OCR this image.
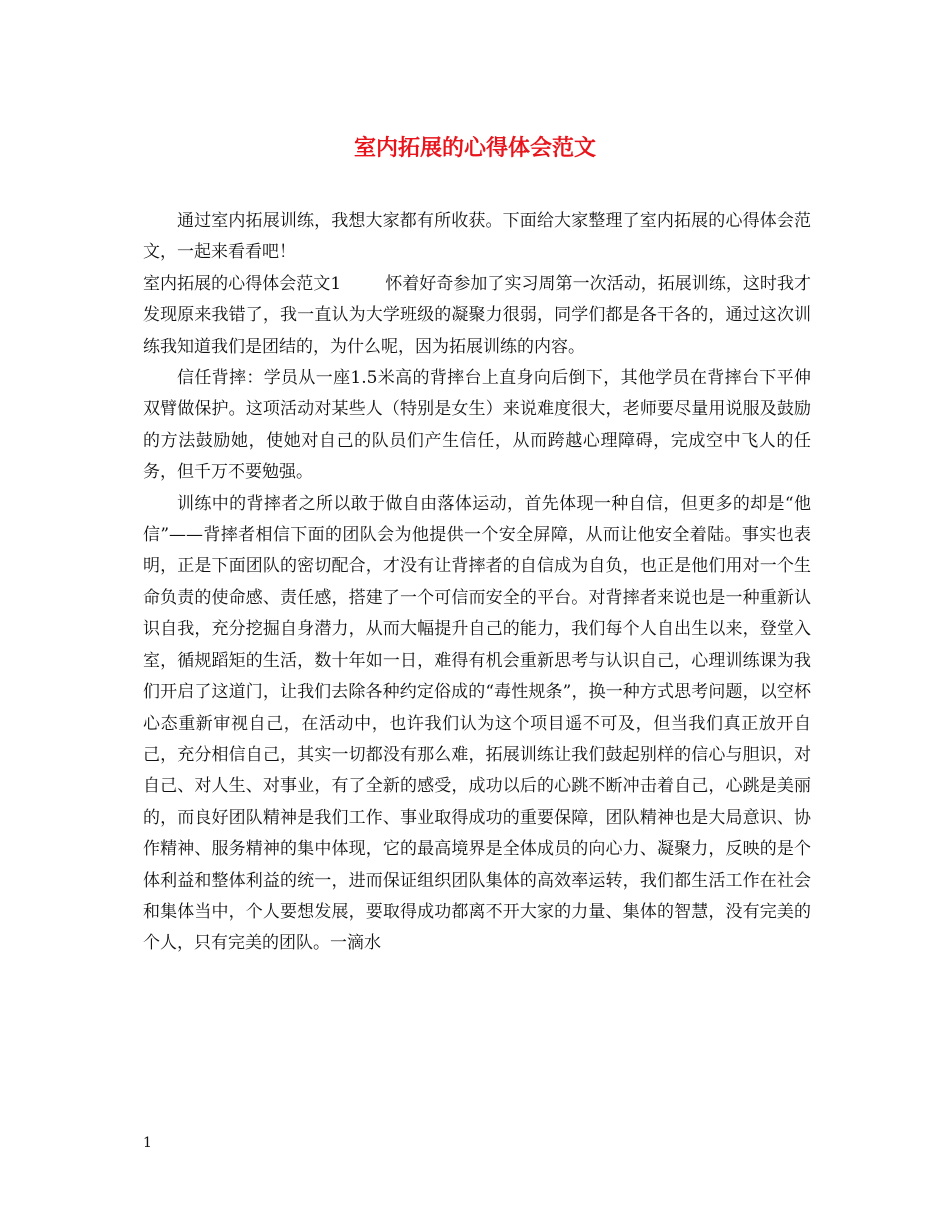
室内拓展的心得体会范文

通过室内拓展训练，我想大家都有所收获。下面给大家整理了室内拓展的心得体会范文，一起来看看吧！

室内拓展的心得体会范文1	怀着好奇参加了实习周第一次活动，拓展训练，这时我才发现原来我错了，我一直认为大学班级的凝聚力很弱，同学们都是各干各的，通过这次训练我知道我们是团结的，为什么呢，因为拓展训练的内容。

信任背摔：学员从一座1.5米高的背摔台上直身向后倒下，其他学员在背摔台下平伸双臂做保护。这项活动对某些人（特别是女生）来说难度很大，老师要尽量用说服及鼓励的方法鼓励她，使她对自己的队员们产生信任，从而跨越心理障碍，完成空中飞人的任务，但千万不要勉强。

训练中的背摔者之所以敢于做自由落体运动，首先体现一种自信，但更多的却是“他信”——背摔者相信下面的团队会为他提供一个安全屏障，从而让他安全着陆。事实也表明，正是下面团队的密切配合，才没有让背摔者的自信成为自负，也正是他们用对一个生命负责的使命感、责任感，搭建了一个可信而安全的平台。对背摔者来说也是一种重新认识自我，充分挖掘自身潜力，从而大幅提升自己的能力，我们每个人自出生以来，登堂入室，循规蹈矩的生活，数十年如一日，难得有机会重新思考与认识自己，心理训练课为我们开启了这道门，让我们去除各种约定俗成的“毒性规条”，换一种方式思考问题，以空杯心态重新审视自己，在活动中，也许我们认为这个项目遥不可及，但当我们真正放开自己，充分相信自己，其实一切都没有那么难，拓展训练让我们鼓起别样的信心与胆识，对自己、对人生、对事业，有了全新的感受，成功以后的心跳不断冲击着自己，心跳是美丽的，而良好团队精神是我们工作、事业取得成功的重要保障，团队精神也是大局意识、协作精神、服务精神的集中体现，它的最高境界是全体成员的向心力、凝聚力，反映的是个体利益和整体利益的统一，进而保证组织团队集体的高效率运转，我们都生活工作在社会和集体当中，个人要想发展，要取得成功都离不开大家的力量、集体的智慧，没有完美的个人，只有完美的团队。一滴水

1
